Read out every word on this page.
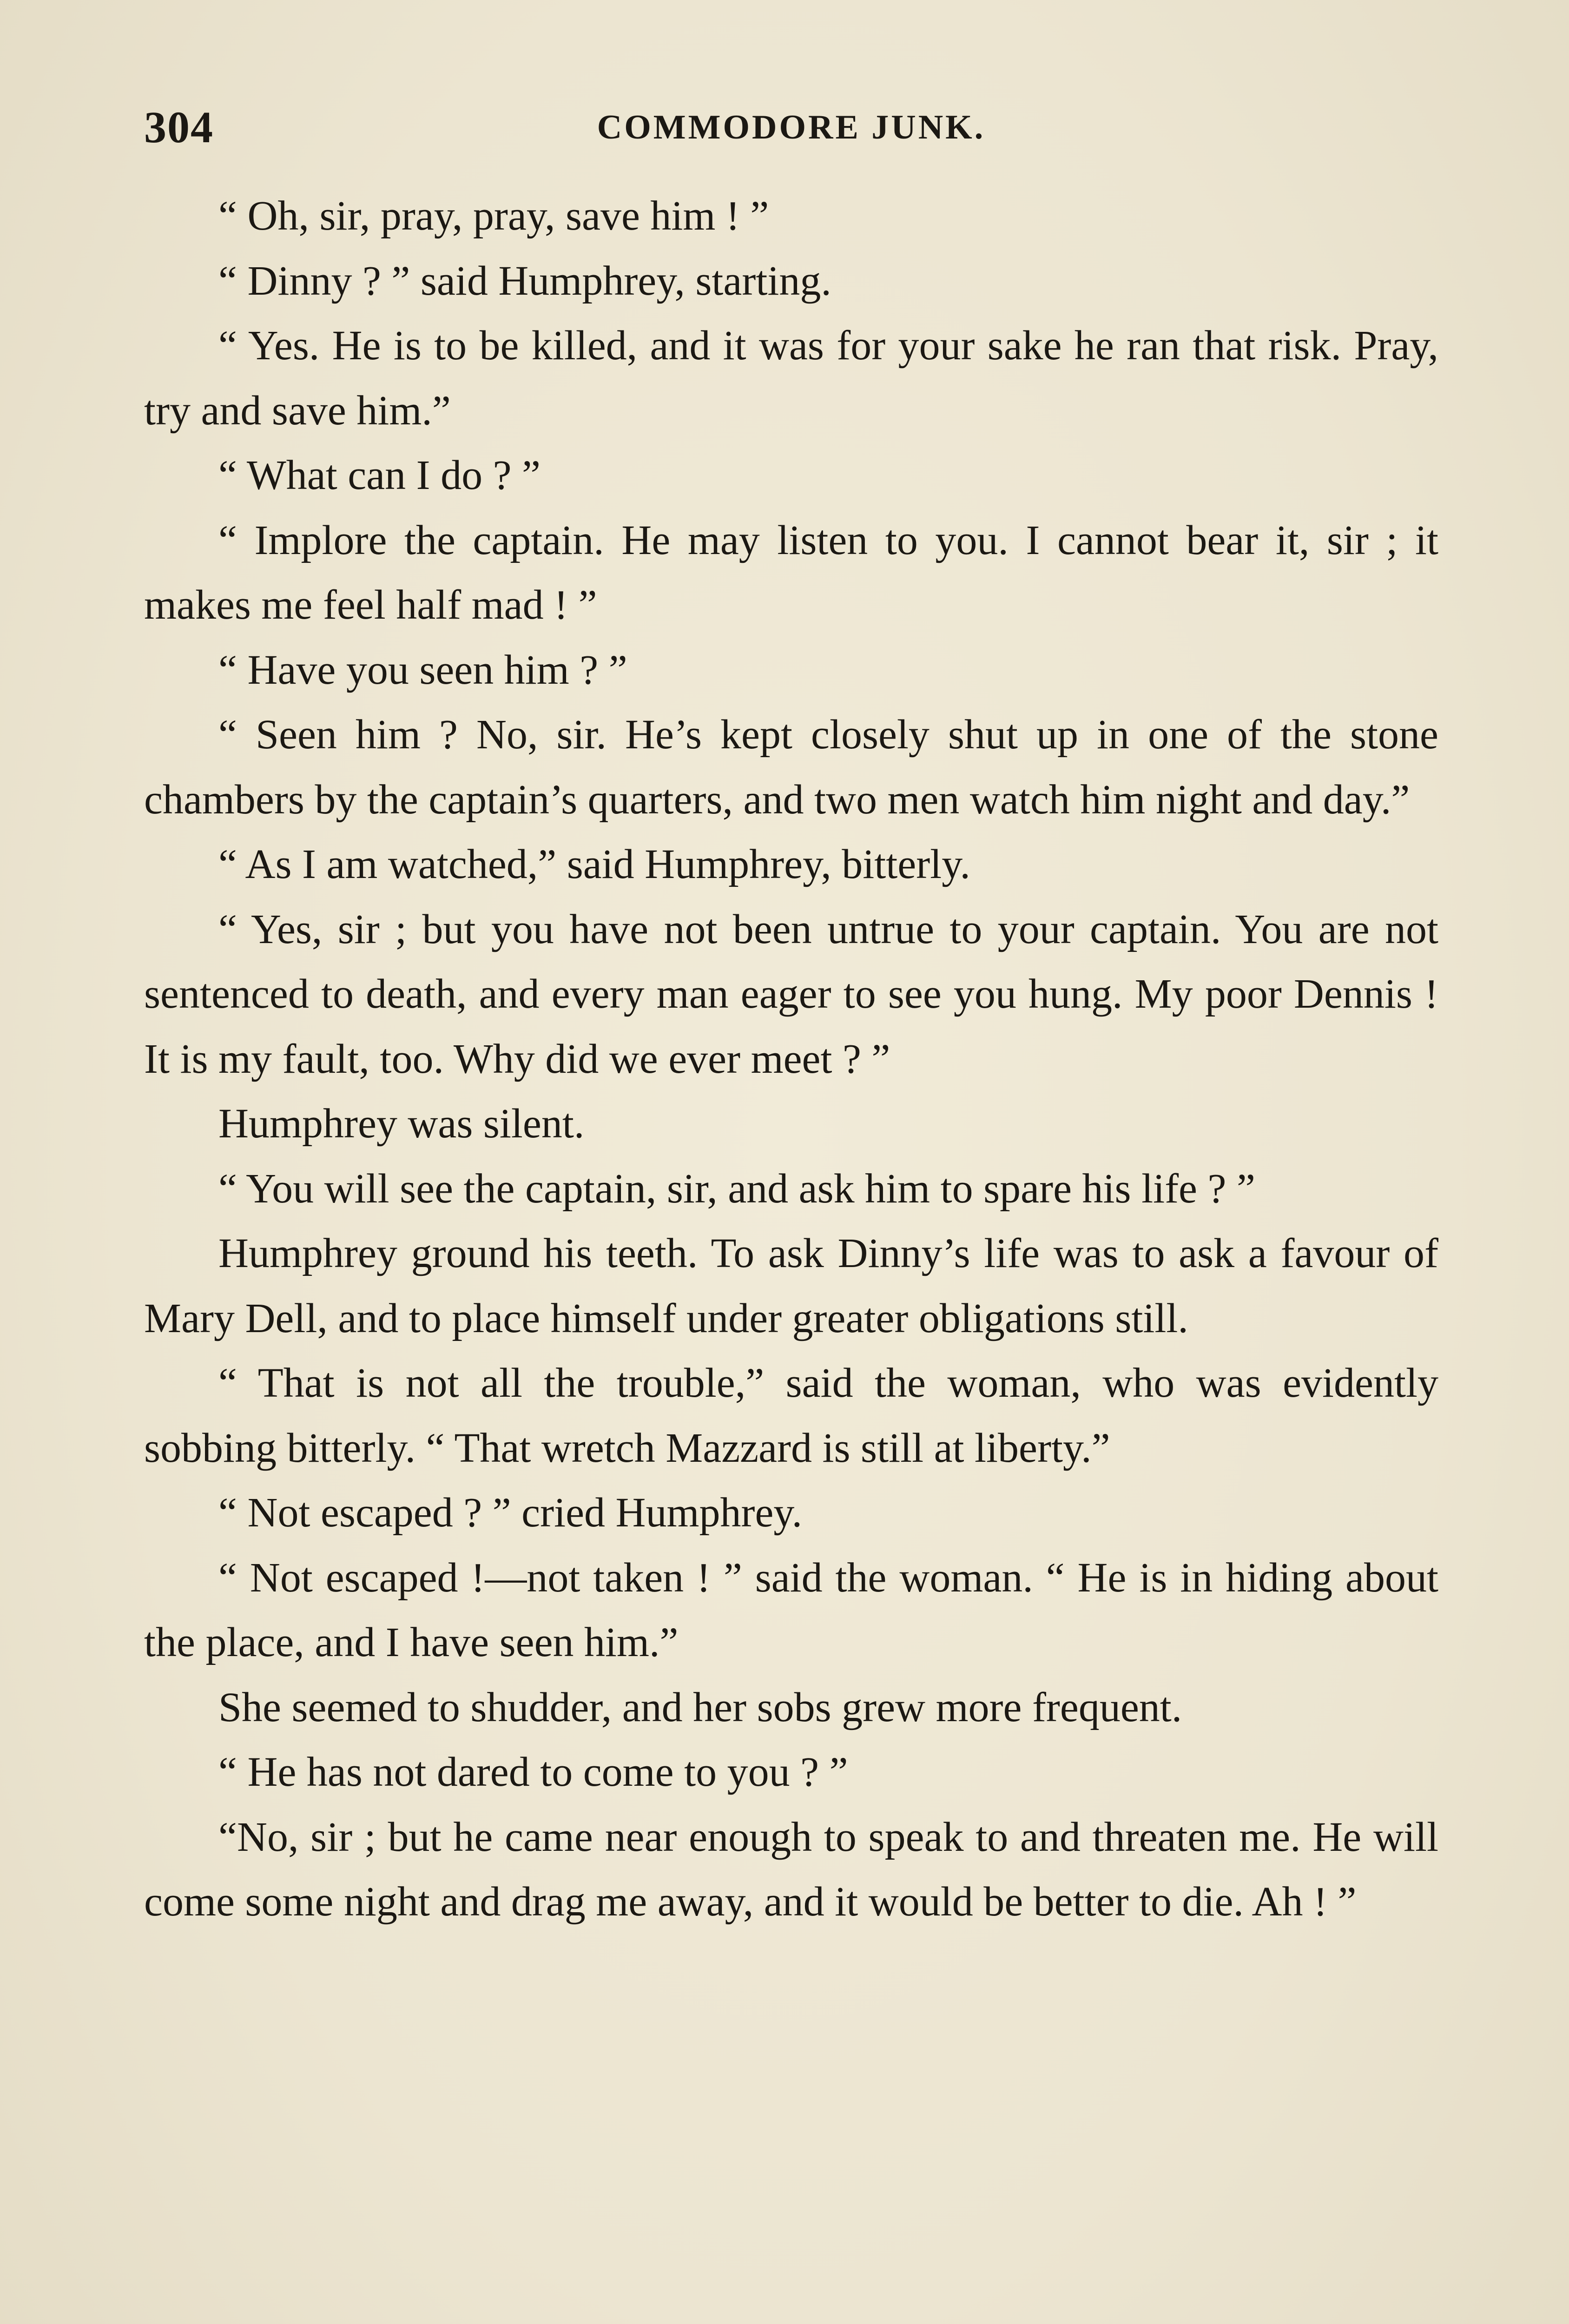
304	COMMODORE JUNK.

“ Oh, sir, pray, pray, save him ! ”

“ Dinny ? ” said Humphrey, starting.

“ Yes. He is to be killed, and it was for your sake he ran that risk. Pray, try and save him.”

“ What can I do ? ”

“ Implore the captain. He may listen to you. I cannot bear it, sir ; it makes me feel half mad ! ”

“ Have you seen him ? ”

“ Seen him ? No, sir. He’s kept closely shut up in one of the stone chambers by the captain’s quarters, and two men watch him night and day.”

“ As I am watched,” said Humphrey, bitterly.

“ Yes, sir ; but you have not been untrue to your captain. You are not sentenced to death, and every man eager to see you hung. My poor Dennis ! It is my fault, too. Why did we ever meet ? ”

Humphrey was silent.

“ You will see the captain, sir, and ask him to spare his life ? ”

Humphrey ground his teeth. To ask Dinny’s life was to ask a favour of Mary Dell, and to place himself under greater obligations still.

“ That is not all the trouble,” said the woman, who was evidently sobbing bitterly. “ That wretch Mazzard is still at liberty.”

“ Not escaped ? ” cried Humphrey.

“ Not escaped !—not taken ! ” said the woman. “ He is in hiding about the place, and I have seen him.”

She seemed to shudder, and her sobs grew more frequent.

“ He has not dared to come to you ? ”

“No, sir ; but he came near enough to speak to and threaten me. He will come some night and drag me away, and it would be better to die. Ah ! ”
